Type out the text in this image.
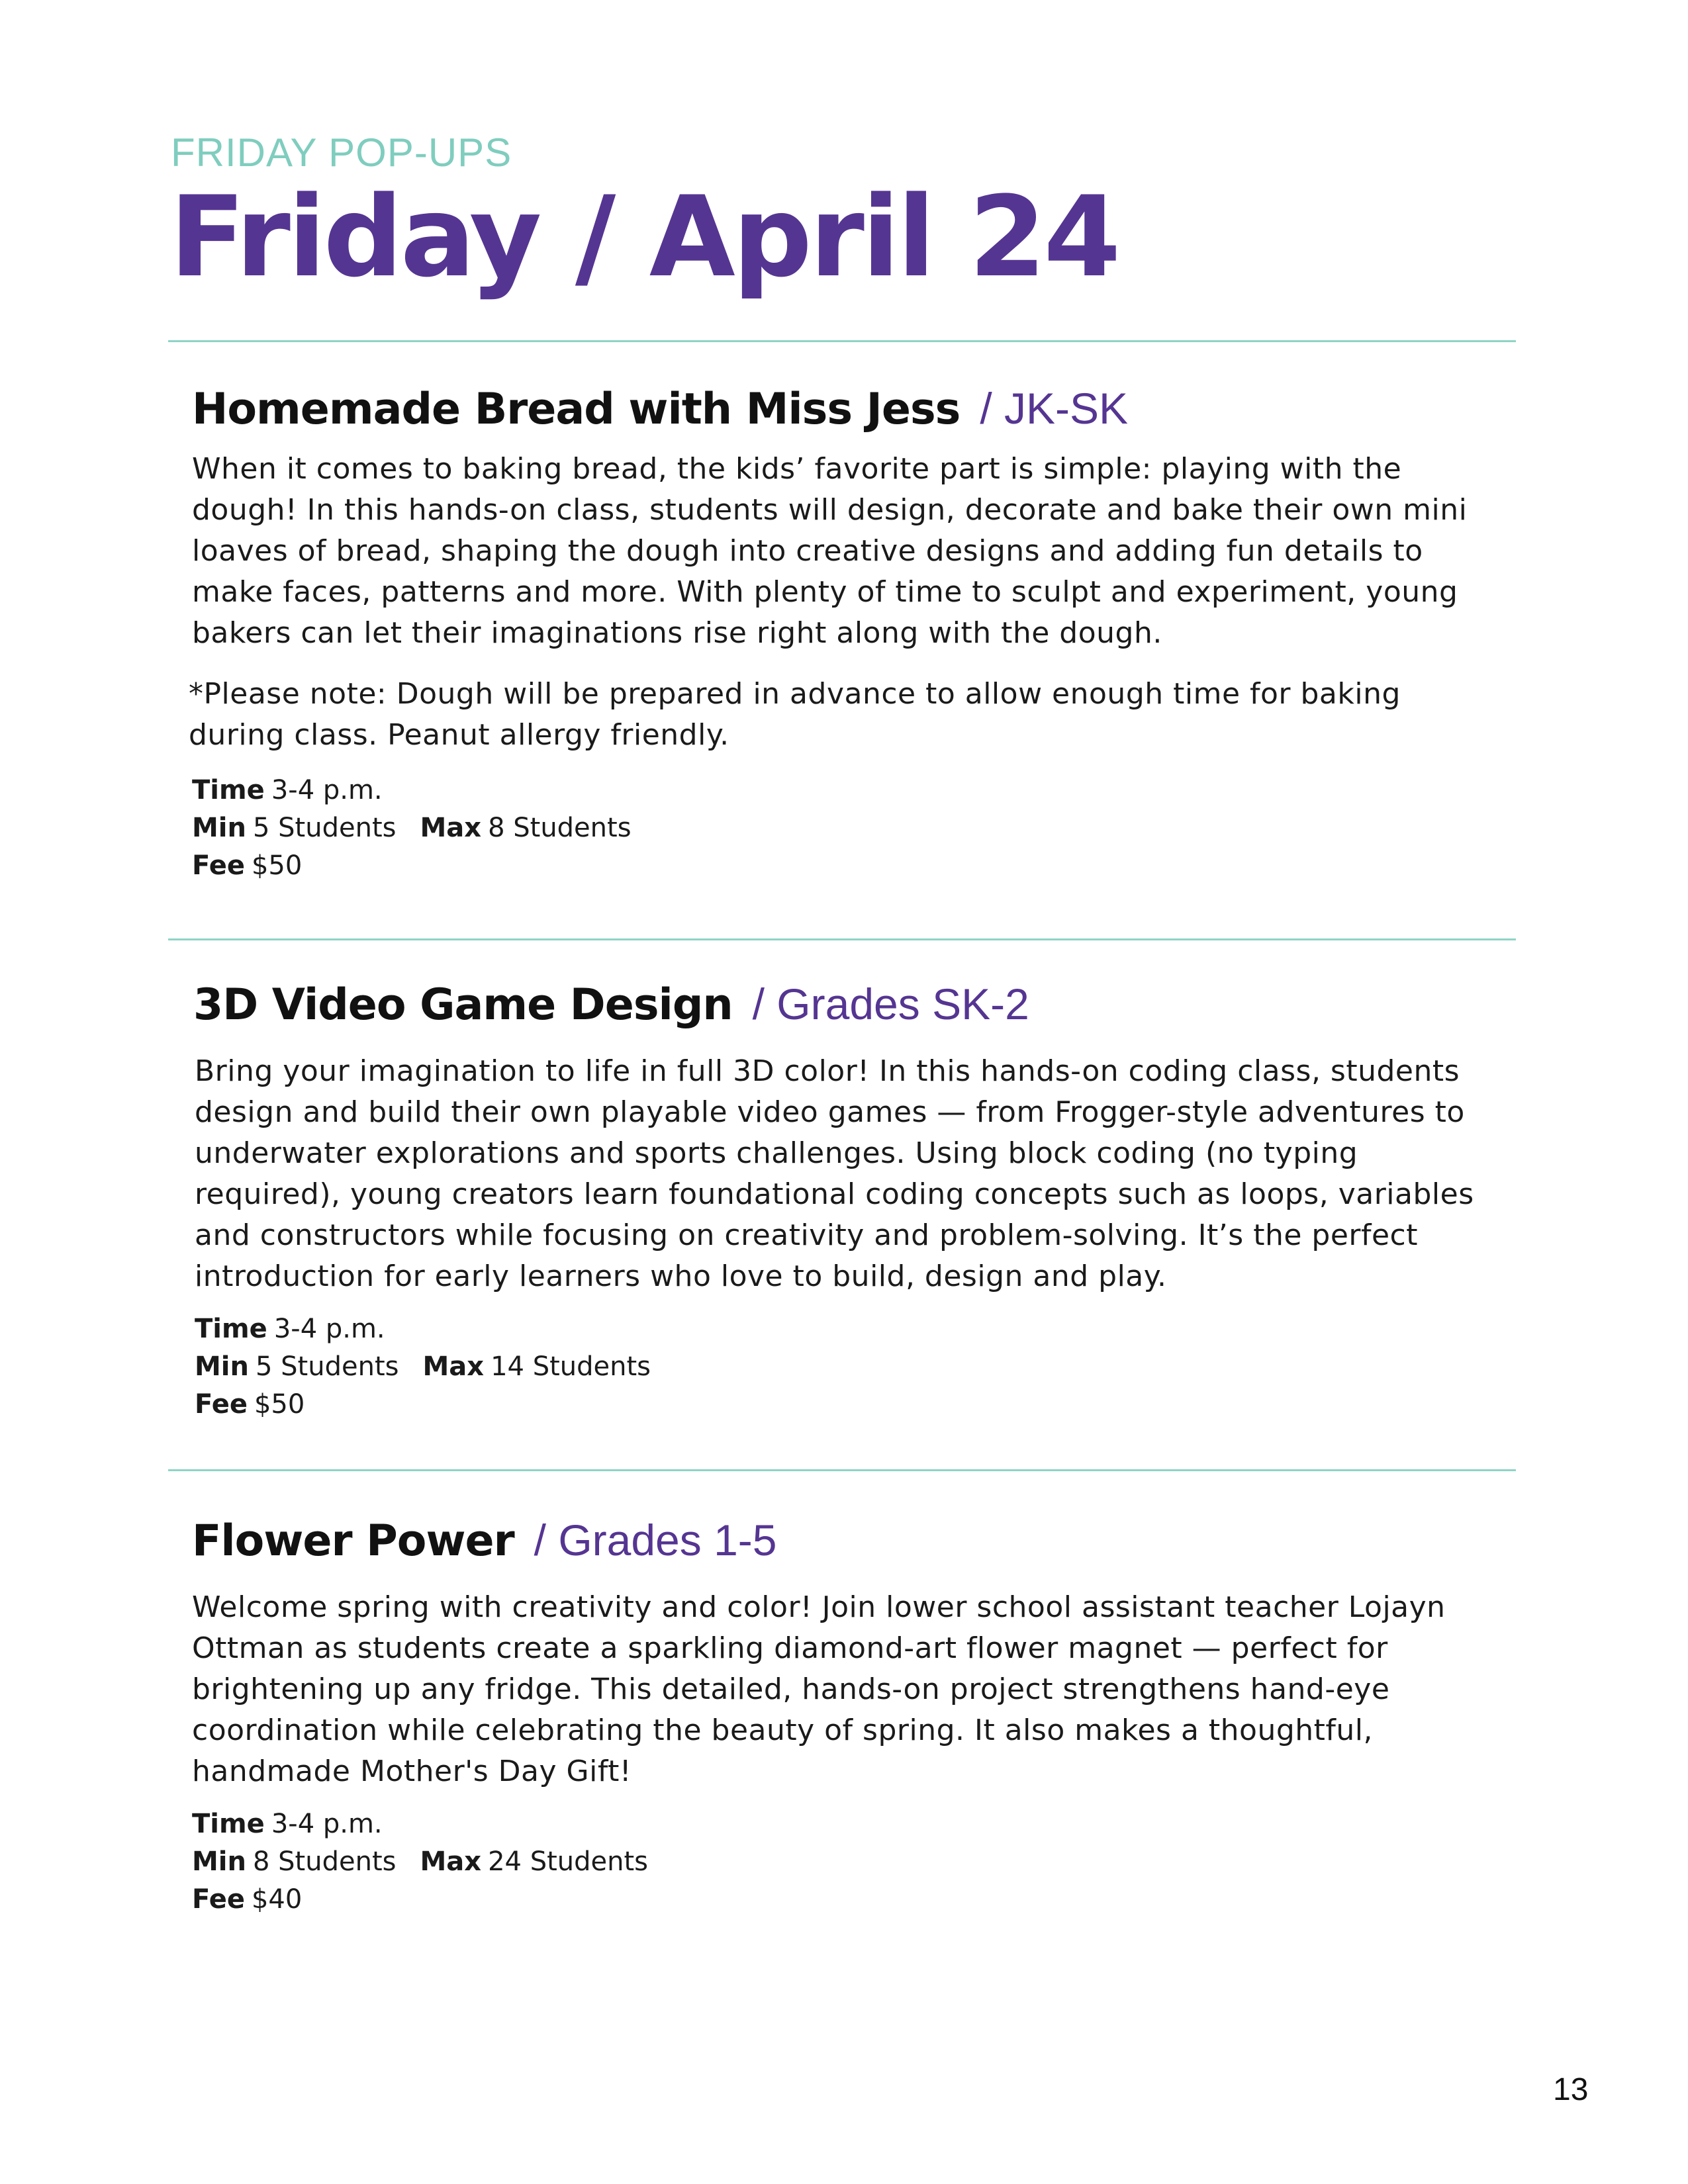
FRIDAY POP-UPS
Friday / April 24
Homemade Bread with Miss Jess / JK-SK

When it comes to baking bread, the kids’ favorite part is simple: playing with the dough! In this hands-on class, students will design, decorate and bake their own mini loaves of bread, shaping the dough into creative designs and adding fun details to make faces, patterns and more. With plenty of time to sculpt and experiment, young bakers can let their imaginations rise right along with the dough.

*Please note: Dough will be prepared in advance to allow enough time for baking during class. Peanut allergy friendly.

Time 3-4 p.m.
Min 5 Students Max 8 Students
Fee $50
3D Video Game Design / Grades SK-2

Bring your imagination to life in full 3D color! In this hands-on coding class, students design and build their own playable video games — from Frogger-style adventures to underwater explorations and sports challenges. Using block coding (no typing required), young creators learn foundational coding concepts such as loops, variables and constructors while focusing on creativity and problem-solving. It’s the perfect introduction for early learners who love to build, design and play.

Time 3-4 p.m.
Min 5 Students Max 14 Students
Fee $50
Flower Power / Grades 1-5

Welcome spring with creativity and color! Join lower school assistant teacher Lojayn Ottman as students create a sparkling diamond-art flower magnet — perfect for brightening up any fridge. This detailed, hands-on project strengthens hand-eye coordination while celebrating the beauty of spring. It also makes a thoughtful, handmade Mother's Day Gift!

Time 3-4 p.m.
Min 8 Students Max 24 Students
Fee $40
13
